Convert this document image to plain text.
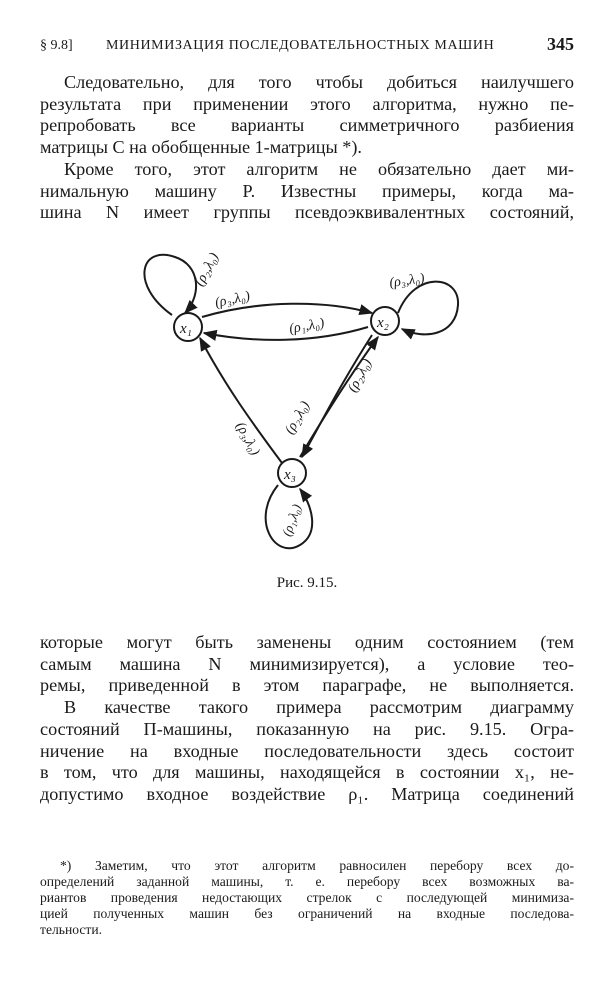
§ 9.8] МИНИМИЗАЦИЯ ПОСЛЕДОВАТЕЛЬНОСТНЫХ МАШИН	345
Следовательно, для того чтобы добиться наилучшего
результата при применении этого алгоритма, нужно пе-
репробовать все варианты симметричного разбиения
матрицы C на обобщенные 1-матрицы *).
Кроме того, этот алгоритм не обязательно дает ми-
нимальную машину P. Известны примеры, когда ма-
шина N имеет группы псевдоэквивалентных состояний,
x₁	x₂
x₃
(ρ₂,λ₀)
(ρ₃,λ₀)
(ρ₁,λ₀)
(ρ₃,λ₀)
(ρ₂,λ₀)
(ρ₂,λ₀)
(ρ₃,λ₀)
(ρ₁,λ₀)
Рис. 9.15.
которые могут быть заменены одним состоянием (тем
самым машина N минимизируется), а условие тео-
ремы, приведенной в этом параграфе, не выполняется.
В качестве такого примера рассмотрим диаграмму
состояний П-машины, показанную на рис. 9.15. Огра-
ничение на входные последовательности здесь состоит
в том, что для машины, находящейся в состоянии x₁, не-
допустимо входное воздействие ρ₁. Матрица соединений
*) Заметим, что этот алгоритм равносилен перебору всех до-
определений заданной машины, т. е. перебору всех возможных ва-
риантов проведения недостающих стрелок с последующей минимиза-
цией полученных машин без ограничений на входные последова-
тельности.
